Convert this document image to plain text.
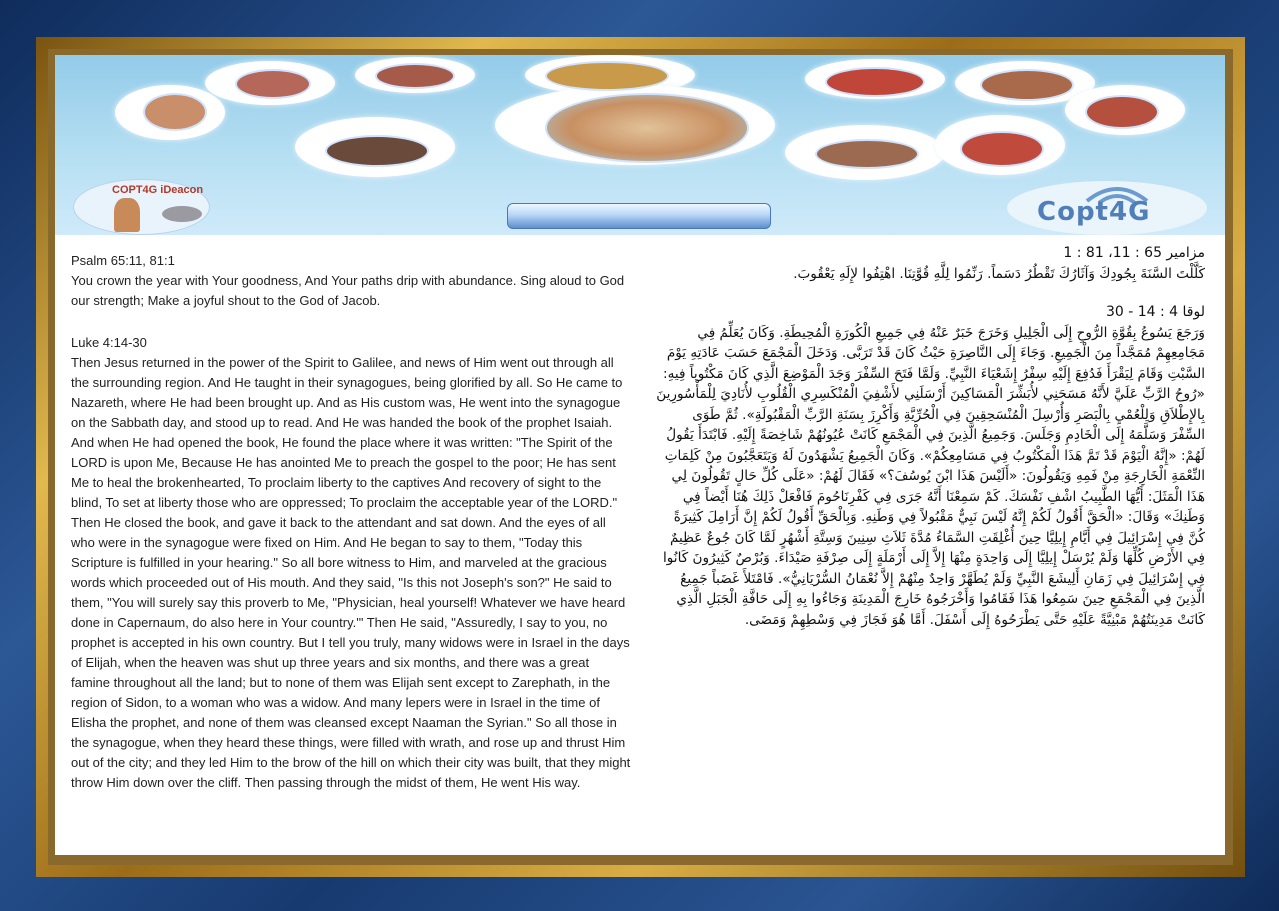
COPT4G iDeacon
Copt4G

Psalm 65:11, 81:1

You crown the year with Your goodness, And Your paths drip with abundance. Sing aloud to God our strength; Make a joyful shout to the God of Jacob.

Luke 4:14-30

Then Jesus returned in the power of the Spirit to Galilee, and news of Him went out through all the surrounding region. And He taught in their synagogues, being glorified by all. So He came to Nazareth, where He had been brought up. And as His custom was, He went into the synagogue on the Sabbath day, and stood up to read. And He was handed the book of the prophet Isaiah. And when He had opened the book, He found the place where it was written: "The Spirit of the LORD is upon Me, Because He has anointed Me to preach the gospel to the poor; He has sent Me to heal the brokenhearted, To proclaim liberty to the captives And recovery of sight to the blind, To set at liberty those who are oppressed; To proclaim the acceptable year of the LORD." Then He closed the book, and gave it back to the attendant and sat down. And the eyes of all who were in the synagogue were fixed on Him. And He began to say to them, "Today this Scripture is fulfilled in your hearing." So all bore witness to Him, and marveled at the gracious words which proceeded out of His mouth. And they said, "Is this not Joseph's son?" He said to them, "You will surely say this proverb to Me, "Physician, heal yourself! Whatever we have heard done in Capernaum, do also here in Your country.'" Then He said, "Assuredly, I say to you, no prophet is accepted in his own country. But I tell you truly, many widows were in Israel in the days of Elijah, when the heaven was shut up three years and six months, and there was a great famine throughout all the land; but to none of them was Elijah sent except to Zarephath, in the region of Sidon, to a woman who was a widow. And many lepers were in Israel in the time of Elisha the prophet, and none of them was cleansed except Naaman the Syrian." So all those in the synagogue, when they heard these things, were filled with wrath, and rose up and thrust Him out of the city; and they led Him to the brow of the hill on which their city was built, that they might throw Him down over the cliff. Then passing through the midst of them, He went His way.

مزامير 65 : 11، 81 : 1

كَلَّلْتَ السَّنَةَ بِجُودِكَ وَآثَارُكَ تَقْطُرُ دَسَماً. رَنِّمُوا لِلَّهِ قُوَّتِنَا. اهْتِفُوا لإِلَهِ يَعْقُوبَ.

لوقا 4 : 14 - 30

وَرَجَعَ يَسُوعُ بِقُوَّةِ الرُّوحِ إِلَى الْجَلِيلِ وَخَرَجَ خَبَرٌ عَنْهُ فِي جَمِيعِ الْكُورَةِ الْمُحِيطَةِ. وَكَانَ يُعَلِّمُ فِي مَجَامِعِهِمْ مُمَجَّداً مِنَ الْجَمِيعِ. وَجَاءَ إِلَى النَّاصِرَةِ حَيْثُ كَانَ قَدْ تَرَبَّى. وَدَخَلَ الْمَجْمَعَ حَسَبَ عَادَتِهِ يَوْمَ السَّبْتِ وَقَامَ لِيَقْرَأَ فَدُفِعَ إِلَيْهِ سِفْرُ إِشَعْيَاءَ النَّبِيِّ. وَلَمَّا فَتَحَ السِّفْرَ وَجَدَ الْمَوْضِعَ الَّذِي كَانَ مَكْتُوباً فِيهِ: «رُوحُ الرَّبِّ عَلَيَّ لأَنَّهُ مَسَحَنِي لأُبَشِّرَ الْمَسَاكِينَ أَرْسَلَنِي لأَشْفِيَ الْمُنْكَسِرِي الْقُلُوبِ لأُنَادِيَ لِلْمَأْسُورِينَ بِالإِطْلاَقِ وَلِلْعُمْيِ بِالْبَصَرِ وَأُرْسِلَ الْمُنْسَحِقِينَ فِي الْحُرِّيَّةِ وَأَكْرِزَ بِسَنَةِ الرَّبِّ الْمَقْبُولَةِ». ثُمَّ طَوَى السِّفْرَ وَسَلَّمَهُ إِلَى الْخَادِمِ وَجَلَسَ. وَجَمِيعُ الَّذِينَ فِي الْمَجْمَعِ كَانَتْ عُيُونُهُمْ شَاخِصَةً إِلَيْهِ. فَابْتَدَأَ يَقُولُ لَهُمْ: «إِنَّهُ الْيَوْمَ قَدْ تَمَّ هَذَا الْمَكْتُوبُ فِي مَسَامِعِكُمْ». وَكَانَ الْجَمِيعُ يَشْهَدُونَ لَهُ وَيَتَعَجَّبُونَ مِنْ كَلِمَاتِ النِّعْمَةِ الْخَارِجَةِ مِنْ فَمِهِ وَيَقُولُونَ: «أَلَيْسَ هَذَا ابْنَ يُوسُفَ؟» فَقَالَ لَهُمْ: «عَلَى كُلِّ حَالٍ تَقُولُونَ لِي هَذَا الْمَثَلَ: أَيُّهَا الطَّبِيبُ اشْفِ نَفْسَكَ. كَمْ سَمِعْنَا أَنَّهُ جَرَى فِي كَفْرِنَاحُومَ فَافْعَلْ ذَلِكَ هُنَا أَيْضاً فِي وَطَنِكَ» وَقَالَ: «الْحَقَّ أَقُولُ لَكُمْ إِنَّهُ لَيْسَ نَبِيٌّ مَقْبُولاً فِي وَطَنِهِ. وَبِالْحَقِّ أَقُولُ لَكُمْ إِنَّ أَرَامِلَ كَثِيرَةً كُنَّ فِي إِسْرَائِيلَ فِي أَيَّامِ إِيلِيَّا حِينَ أُغْلِقَتِ السَّمَاءُ مُدَّةَ ثَلاَثِ سِنِينَ وَسِتَّةِ أَشْهُرٍ لَمَّا كَانَ جُوعٌ عَظِيمٌ فِي الأَرْضِ كُلِّهَا وَلَمْ يُرْسَلْ إِيلِيَّا إِلَى وَاحِدَةٍ مِنْهَا إِلاَّ إِلَى أَرْمَلَةٍ إِلَى صِرْفَةِ صَيْدَاءَ. وَبُرْصٌ كَثِيرُونَ كَانُوا فِي إِسْرَائِيلَ فِي زَمَانِ أَلِيشَعَ النَّبِيِّ وَلَمْ يُطَهَّرْ وَاحِدٌ مِنْهُمْ إِلاَّ نُعْمَانُ السُّرْيَانِيُّ». فَامْتَلأَ غَضَباً جَمِيعُ الَّذِينَ فِي الْمَجْمَعِ حِينَ سَمِعُوا هَذَا فَقَامُوا وَأَخْرَجُوهُ خَارِجَ الْمَدِينَةِ وَجَاءُوا بِهِ إِلَى حَافَّةِ الْجَبَلِ الَّذِي كَانَتْ مَدِينَتُهُمْ مَبْنِيَّةً عَلَيْهِ حَتَّى يَطْرَحُوهُ إِلَى أَسْفَلَ. أَمَّا هُوَ فَجَازَ فِي وَسْطِهِمْ وَمَضَى.
